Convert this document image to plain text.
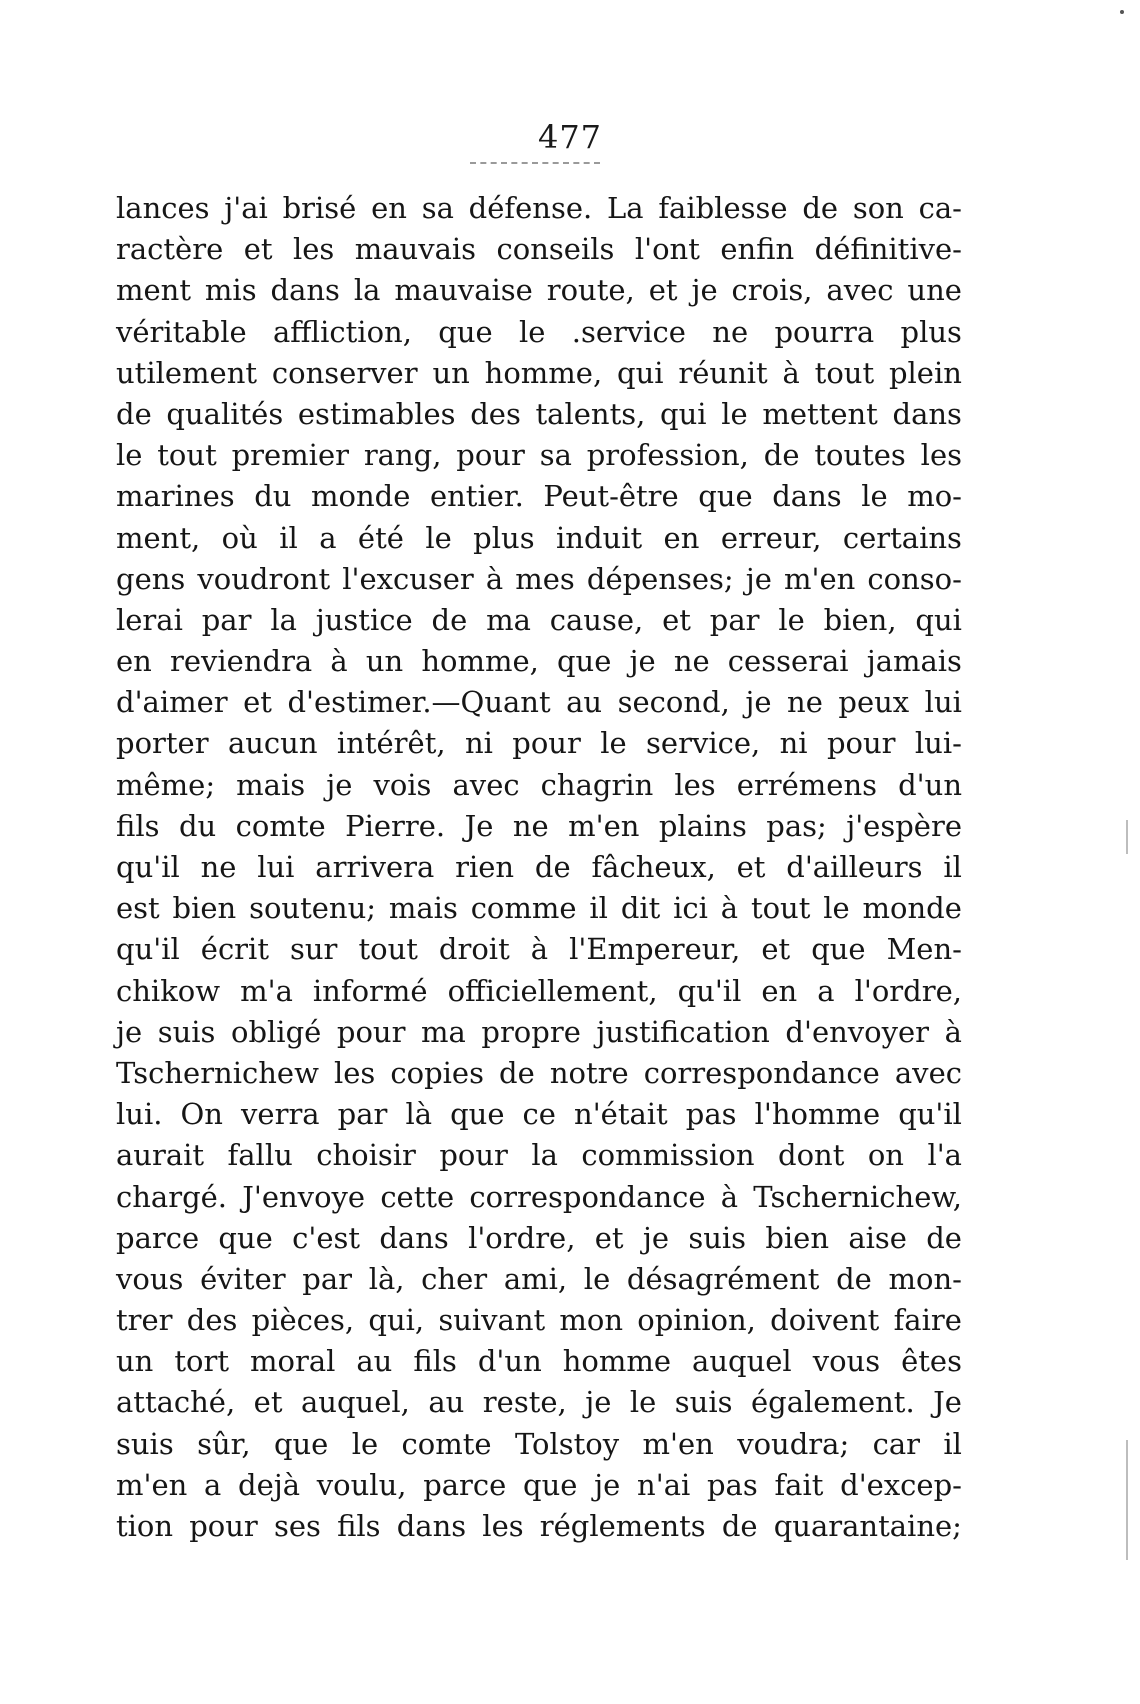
477
lances j'ai brisé en sa défense. La faiblesse de son ca-
ractère et les mauvais conseils l'ont enfin définitive-
ment mis dans la mauvaise route, et je crois, avec une
véritable affliction, que le .service ne pourra plus
utilement conserver un homme, qui réunit à tout plein
de qualités estimables des talents, qui le mettent dans
le tout premier rang, pour sa profession, de toutes les
marines du monde entier. Peut-être que dans le mo-
ment, où il a été le plus induit en erreur, certains
gens voudront l'excuser à mes dépenses; je m'en conso-
lerai par la justice de ma cause, et par le bien, qui
en reviendra à un homme, que je ne cesserai jamais
d'aimer et d'estimer.—Quant au second, je ne peux lui
porter aucun intérêt, ni pour le service, ni pour lui-
même; mais je vois avec chagrin les errémens d'un
fils du comte Pierre. Je ne m'en plains pas; j'espère
qu'il ne lui arrivera rien de fâcheux, et d'ailleurs il
est bien soutenu; mais comme il dit ici à tout le monde
qu'il écrit sur tout droit à l'Empereur, et que Men-
chikow m'a informé officiellement, qu'il en a l'ordre,
je suis obligé pour ma propre justification d'envoyer à
Tschernichew les copies de notre correspondance avec
lui. On verra par là que ce n'était pas l'homme qu'il
aurait fallu choisir pour la commission dont on l'a
chargé. J'envoye cette correspondance à Tschernichew,
parce que c'est dans l'ordre, et je suis bien aise de
vous éviter par là, cher ami, le désagrément de mon-
trer des pièces, qui, suivant mon opinion, doivent faire
un tort moral au fils d'un homme auquel vous êtes
attaché, et auquel, au reste, je le suis également. Je
suis sûr, que le comte Tolstoy m'en voudra; car il
m'en a dejà voulu, parce que je n'ai pas fait d'excep-
tion pour ses fils dans les réglements de quarantaine;
